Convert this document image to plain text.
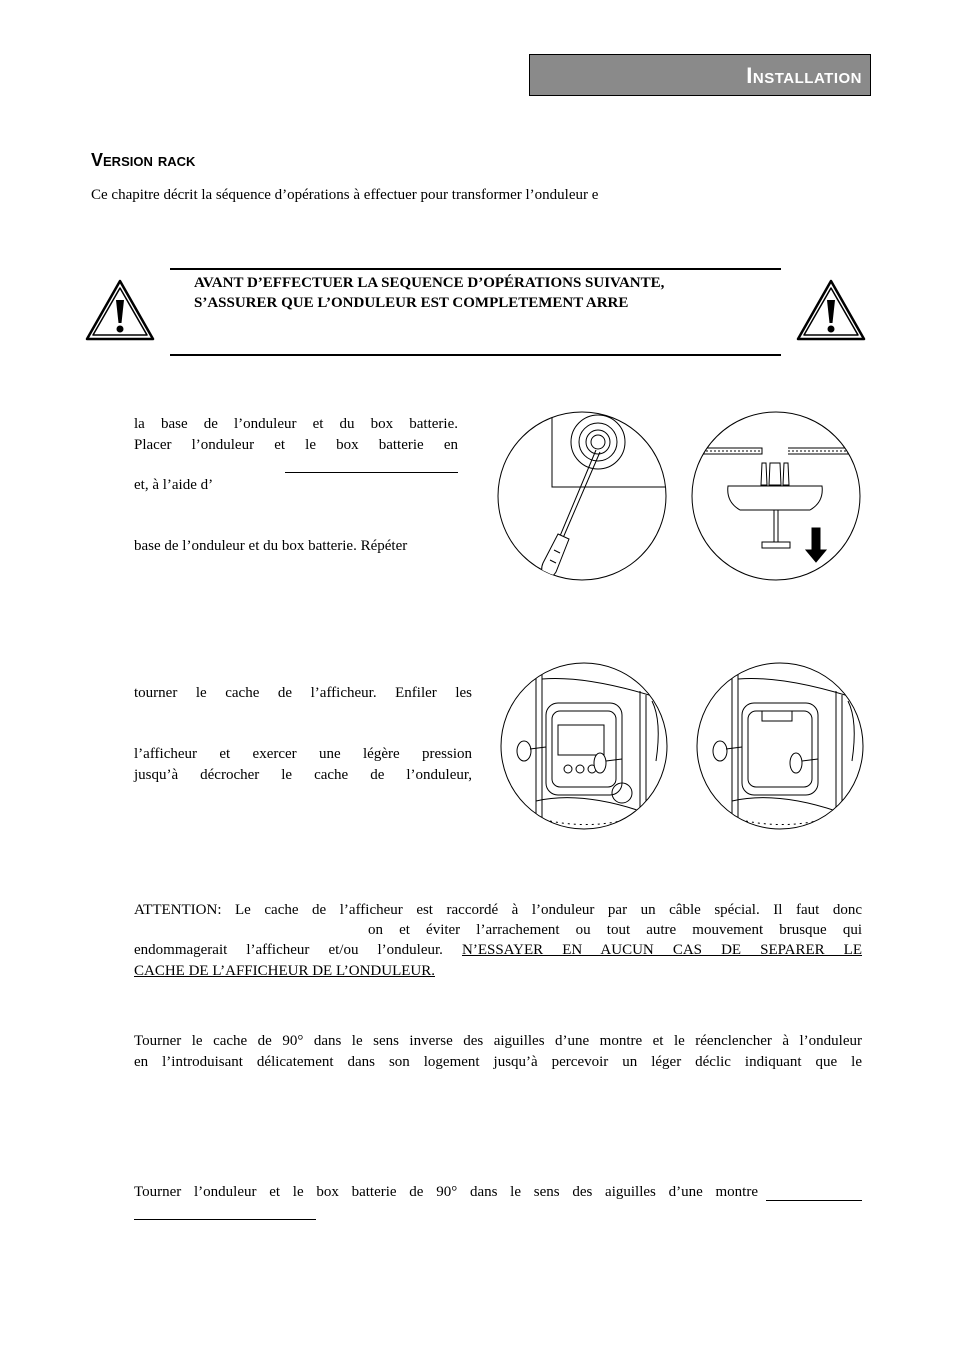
Installation
Version rack
Ce chapitre décrit la séquence d’opérations à effectuer pour transformer l’onduleur e
AVANT D’EFFECTUER LA SEQUENCE D’OPÉRATIONS SUIVANTE,
S’ASSURER QUE L’ONDULEUR EST COMPLETEMENT ARRE
la base de l’onduleur et du box batterie.
Placer l’onduleur et le box batterie en
et, à l’aide d’
base de l’onduleur et du box batterie. Répéter
tourner le cache de l’afficheur. Enfiler les
l’afficheur et exercer une légère pression
jusqu’à décrocher le cache de l’onduleur,
ATTENTION: Le cache de l’afficheur est raccordé à l’onduleur par un câble spécial. Il faut donc
on et éviter l’arrachement ou tout autre mouvement brusque qui
endommagerait l’afficheur et/ou l’onduleur. N’ESSAYER EN AUCUN CAS DE SEPARER LE
CACHE DE L’AFFICHEUR DE L’ONDULEUR.
Tourner le cache de 90° dans le sens inverse des aiguilles d’une montre et le réenclencher à l’onduleur
en l’introduisant délicatement dans son logement jusqu’à percevoir un léger déclic indiquant que le
Tourner l’onduleur et le box batterie de 90° dans le sens des aiguilles d’une montre
